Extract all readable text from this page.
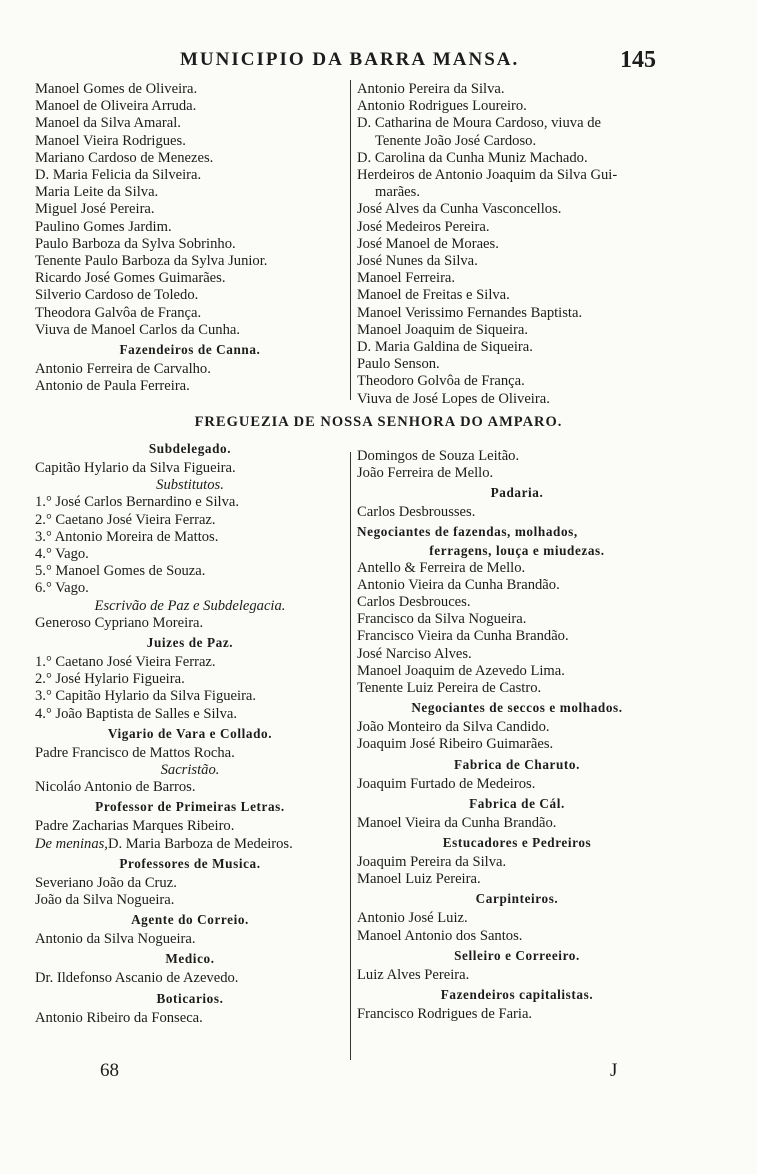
MUNICIPIO DA BARRA MANSA.	145
Manoel Gomes de Oliveira.
Manoel de Oliveira Arruda.
Manoel da Silva Amaral.
Manoel Vieira Rodrigues.
Mariano Cardoso de Menezes.
D. Maria Felicia da Silveira.
Maria Leite da Silva.
Miguel José Pereira.
Paulino Gomes Jardim.
Paulo Barboza da Sylva Sobrinho.
Tenente Paulo Barboza da Sylva Junior.
Ricardo José Gomes Guimarães.
Silverio Cardoso de Toledo.
Theodora Galvôa de França.
Viuva de Manoel Carlos da Cunha.
Fazendeiros de Canna.
Antonio Ferreira de Carvalho.
Antonio de Paula Ferreira.
Antonio Pereira da Silva.
Antonio Rodrigues Loureiro.
D. Catharina de Moura Cardoso, viuva de
Tenente João José Cardoso.
D. Carolina da Cunha Muniz Machado.
Herdeiros de Antonio Joaquim da Silva Gui-
marães.
José Alves da Cunha Vasconcellos.
José Medeiros Pereira.
José Manoel de Moraes.
José Nunes da Silva.
Manoel Ferreira.
Manoel de Freitas e Silva.
Manoel Verissimo Fernandes Baptista.
Manoel Joaquim de Siqueira.
D. Maria Galdina de Siqueira.
Paulo Senson.
Theodoro Golvôa de França.
Viuva de José Lopes de Oliveira.
FREGUEZIA DE NOSSA SENHORA DO AMPARO.
Subdelegado.
Capitão Hylario da Silva Figueira.
Substitutos.
1.° José Carlos Bernardino e Silva.
2.° Caetano José Vieira Ferraz.
3.° Antonio Moreira de Mattos.
4.° Vago.
5.° Manoel Gomes de Souza.
6.° Vago.
Escrivão de Paz e Subdelegacia.
Generoso Cypriano Moreira.
Juizes de Paz.
1.° Caetano José Vieira Ferraz.
2.° José Hylario Figueira.
3.° Capitão Hylario da Silva Figueira.
4.° João Baptista de Salles e Silva.
Vigario de Vara e Collado.
Padre Francisco de Mattos Rocha.
Sacristão.
Nicoláo Antonio de Barros.
Professor de Primeiras Letras.
Padre Zacharias Marques Ribeiro.
De meninas,D. Maria Barboza de Medeiros.
Professores de Musica.
Severiano João da Cruz.
João da Silva Nogueira.
Agente do Correio.
Antonio da Silva Nogueira.
Medico.
Dr. Ildefonso Ascanio de Azevedo.
Boticarios.
Antonio Ribeiro da Fonseca.
Domingos de Souza Leitão.
João Ferreira de Mello.
Padaria.
Carlos Desbrousses.
Negociantes de fazendas, molhados,
ferragens, louça e miudezas.
Antello & Ferreira de Mello.
Antonio Vieira da Cunha Brandão.
Carlos Desbrouces.
Francisco da Silva Nogueira.
Francisco Vieira da Cunha Brandão.
José Narciso Alves.
Manoel Joaquim de Azevedo Lima.
Tenente Luiz Pereira de Castro.
Negociantes de seccos e molhados.
João Monteiro da Silva Candido.
Joaquim José Ribeiro Guimarães.
Fabrica de Charuto.
Joaquim Furtado de Medeiros.
Fabrica de Cál.
Manoel Vieira da Cunha Brandão.
Estucadores e Pedreiros
Joaquim Pereira da Silva.
Manoel Luiz Pereira.
Carpinteiros.
Antonio José Luiz.
Manoel Antonio dos Santos.
Selleiro e Correeiro.
Luiz Alves Pereira.
Fazendeiros capitalistas.
Francisco Rodrigues de Faria.
68	J
